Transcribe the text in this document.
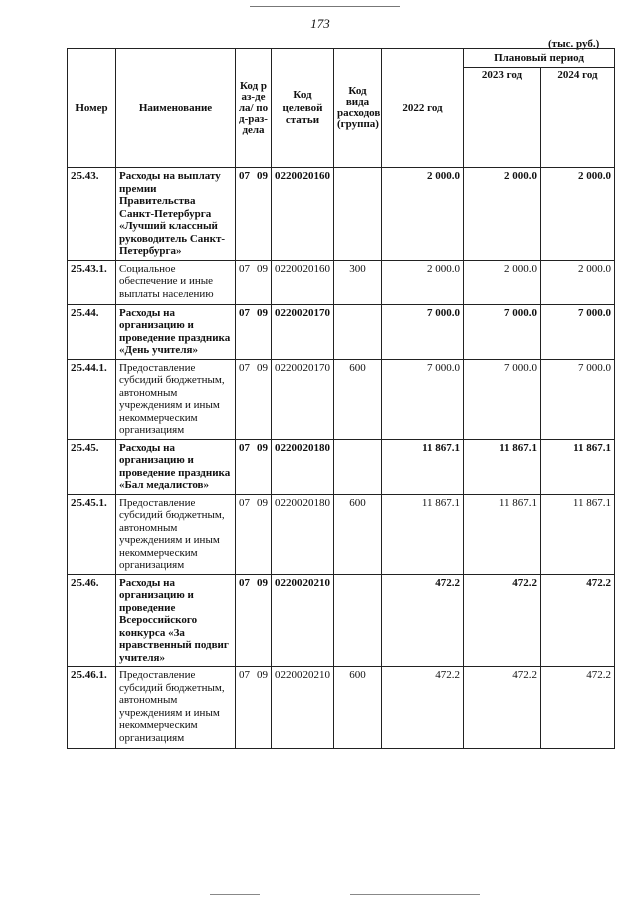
173
(тыс. руб.)
Номер	Наименование	Код раз-дела/ под-раз-дела	Код целевой статьи	Код вида расходов (группа)	2022 год	Плановый период	
						2023 год	2024 год
25.43.	Расходы на выплату премии Правительства Санкт-Петербурга «Лучший классный руководитель Санкт-Петербурга»	07 09	0220020160		2 000.0	2 000.0	2 000.0
25.43.1.	Социальное обеспечение и иные выплаты населению	07 09	0220020160	300	2 000.0	2 000.0	2 000.0
25.44.	Расходы на организацию и проведение праздника «День учителя»	07 09	0220020170		7 000.0	7 000.0	7 000.0
25.44.1.	Предоставление субсидий бюджетным, автономным учреждениям и иным некоммерческим организациям	07 09	0220020170	600	7 000.0	7 000.0	7 000.0
25.45.	Расходы на организацию и проведение праздника «Бал медалистов»	07 09	0220020180		11 867.1	11 867.1	11 867.1
25.45.1.	Предоставление субсидий бюджетным, автономным учреждениям и иным некоммерческим организациям	07 09	0220020180	600	11 867.1	11 867.1	11 867.1
25.46.	Расходы на организацию и проведение Всероссийского конкурса «За нравственный подвиг учителя»	07 09	0220020210		472.2	472.2	472.2
25.46.1.	Предоставление субсидий бюджетным, автономным учреждениям и иным некоммерческим организациям	07 09	0220020210	600	472.2	472.2	472.2
